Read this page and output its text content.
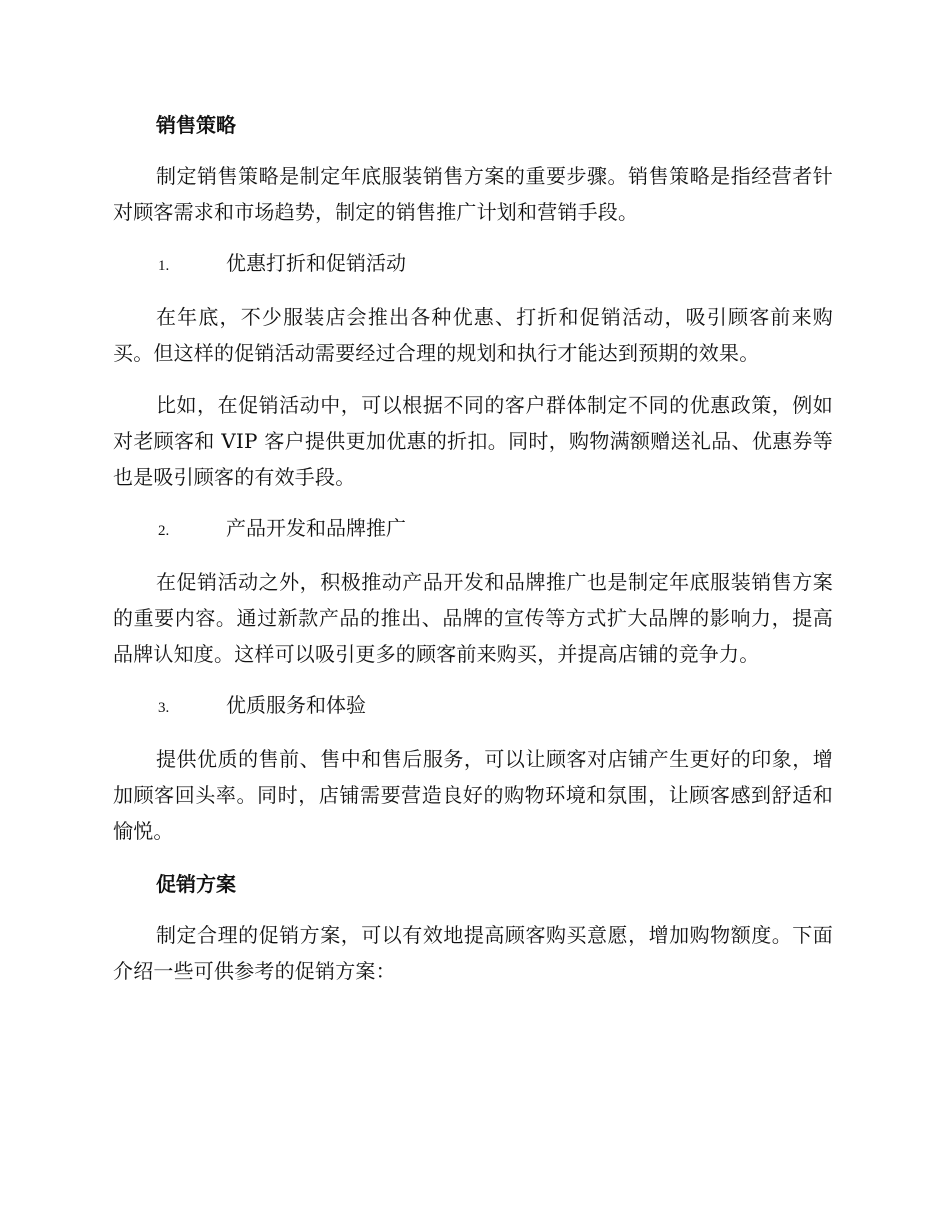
销售策略

制定销售策略是制定年底服装销售方案的重要步骤。销售策略是指经营者针对顾客需求和市场趋势，制定的销售推广计划和营销手段。

1.	优惠打折和促销活动

在年底，不少服装店会推出各种优惠、打折和促销活动，吸引顾客前来购买。但这样的促销活动需要经过合理的规划和执行才能达到预期的效果。

比如，在促销活动中，可以根据不同的客户群体制定不同的优惠政策，例如对老顾客和 VIP 客户提供更加优惠的折扣。同时，购物满额赠送礼品、优惠券等也是吸引顾客的有效手段。

2.	产品开发和品牌推广

在促销活动之外，积极推动产品开发和品牌推广也是制定年底服装销售方案的重要内容。通过新款产品的推出、品牌的宣传等方式扩大品牌的影响力，提高品牌认知度。这样可以吸引更多的顾客前来购买，并提高店铺的竞争力。

3.	优质服务和体验

提供优质的售前、售中和售后服务，可以让顾客对店铺产生更好的印象，增加顾客回头率。同时，店铺需要营造良好的购物环境和氛围，让顾客感到舒适和愉悦。

促销方案

制定合理的促销方案，可以有效地提高顾客购买意愿，增加购物额度。下面介绍一些可供参考的促销方案：
